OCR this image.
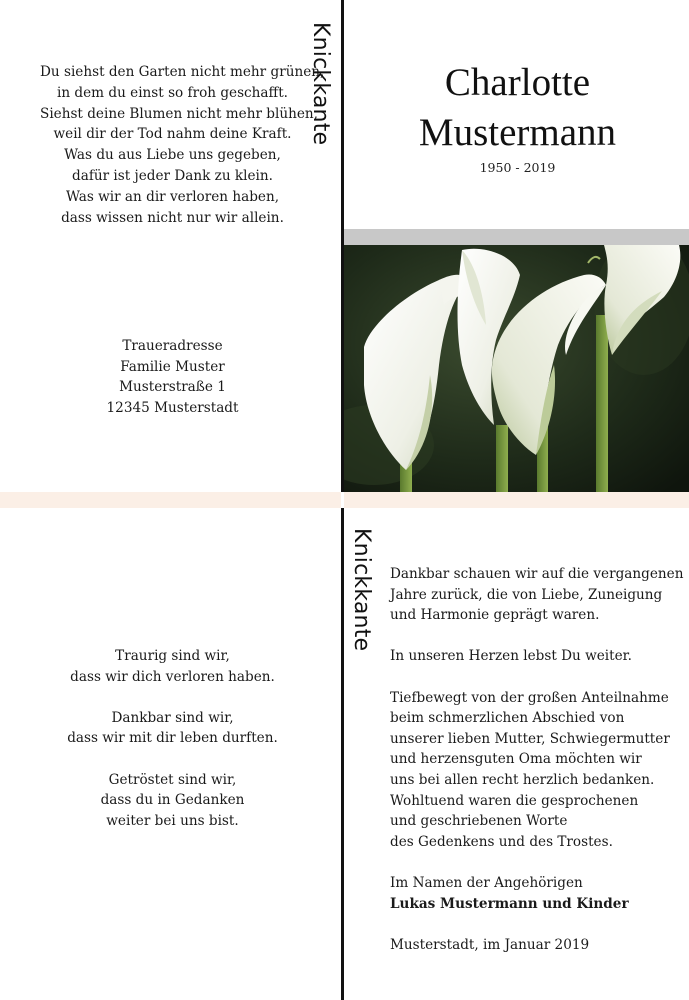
Du siehst den Garten nicht mehr grünen,
in dem du einst so froh geschafft.
Siehst deine Blumen nicht mehr blühen,
weil dir der Tod nahm deine Kraft.
Was du aus Liebe uns gegeben,
dafür ist jeder Dank zu klein.
Was wir an dir verloren haben,
dass wissen nicht nur wir allein.
Traueradresse
Familie Muster
Musterstraße 1
12345 Musterstadt
Knickkante
Knickkante
Charlotte
Mustermann
1950 - 2019
Traurig sind wir,
dass wir dich verloren haben.
Dankbar sind wir,
dass wir mit dir leben durften.
Getröstet sind wir,
dass du in Gedanken
weiter bei uns bist.
Dankbar schauen wir auf die vergangenen
Jahre zurück, die von Liebe, Zuneigung
und Harmonie geprägt waren.
In unseren Herzen lebst Du weiter.
Tiefbewegt von der großen Anteilnahme
beim schmerzlichen Abschied von
unserer lieben Mutter, Schwiegermutter
und herzensguten Oma möchten wir
uns bei allen recht herzlich bedanken.
Wohltuend waren die gesprochenen
und geschriebenen Worte
des Gedenkens und des Trostes.
Im Namen der Angehörigen
Lukas Mustermann und Kinder
Musterstadt, im Januar 2019
